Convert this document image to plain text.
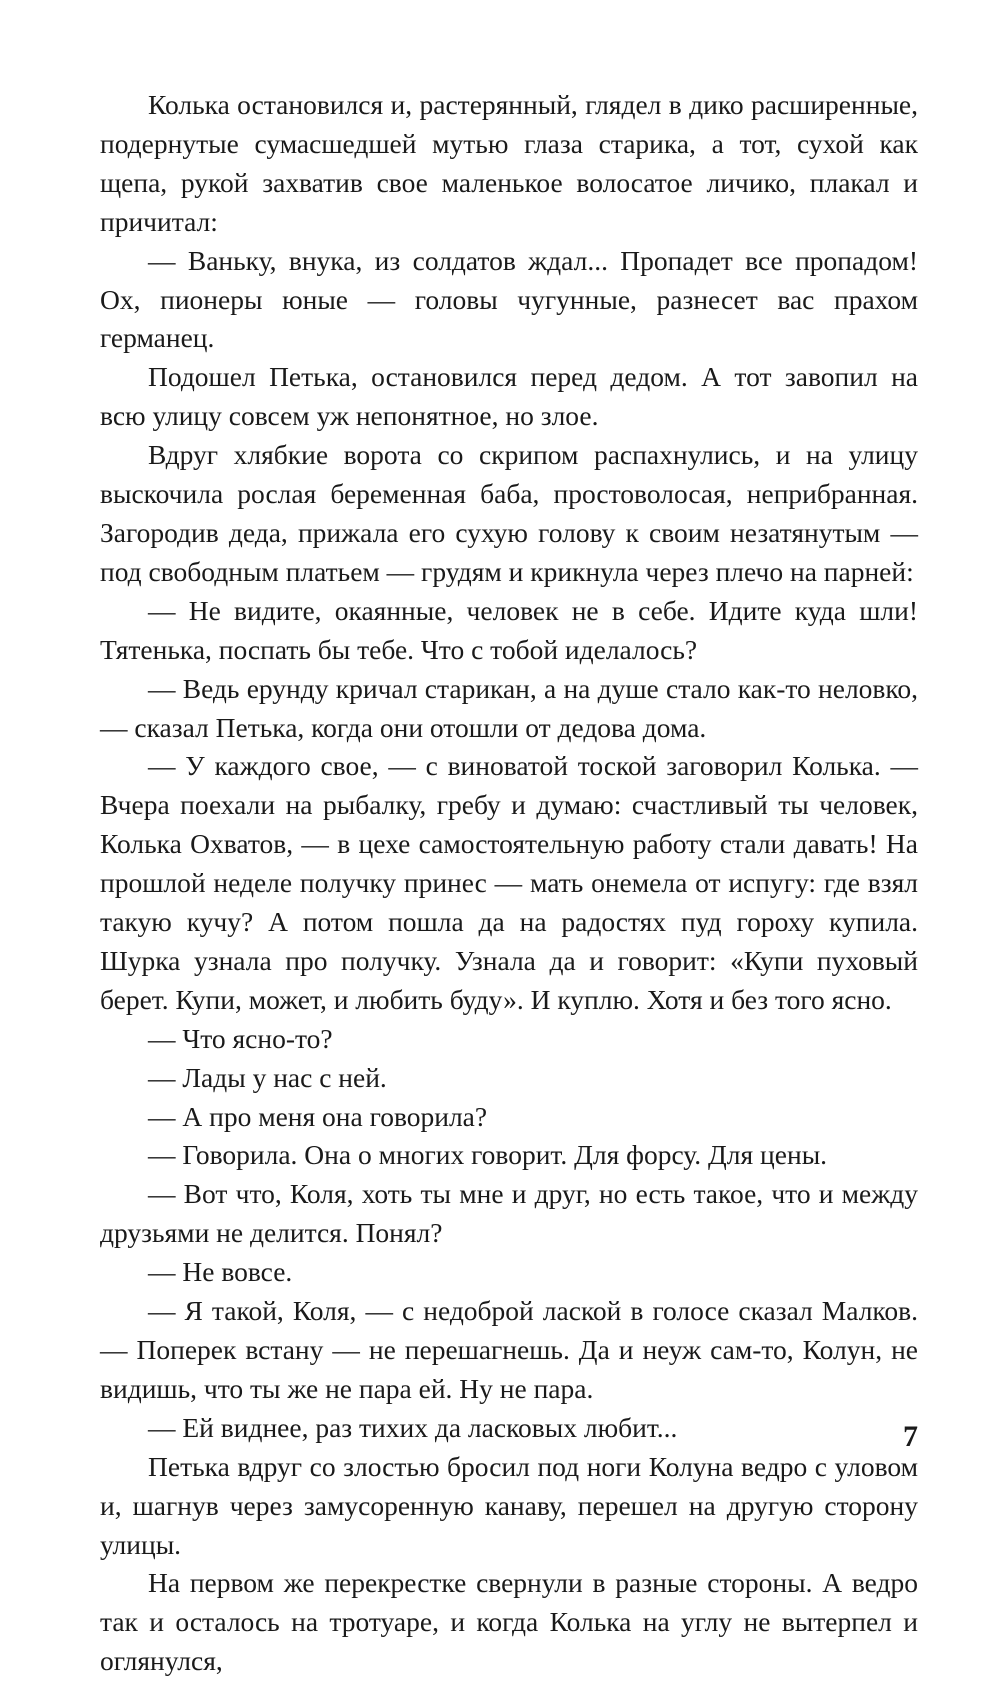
Колька остановился и, растерянный, глядел в дико расширенные, подернутые сумасшедшей мутью глаза старика, а тот, сухой как щепа, рукой захватив свое маленькое волосатое личико, плакал и причитал:

— Ваньку, внука, из солдатов ждал... Пропадет все пропадом! Ох, пионеры юные — головы чугунные, разнесет вас прахом германец.

Подошел Петька, остановился перед дедом. А тот завопил на всю улицу совсем уж непонятное, но злое.

Вдруг хлябкие ворота со скрипом распахнулись, и на улицу выскочила рослая беременная баба, простоволосая, неприбранная. Загородив деда, прижала его сухую голову к своим незатянутым — под свободным платьем — грудям и крикнула через плечо на парней:

— Не видите, окаянные, человек не в себе. Идите куда шли! Тятенька, поспать бы тебе. Что с тобой иделалось?

— Ведь ерунду кричал старикан, а на душе стало как-то неловко, — сказал Петька, когда они отошли от дедова дома.

— У каждого свое, — с виноватой тоской заговорил Колька. — Вчера поехали на рыбалку, гребу и думаю: счастливый ты человек, Колька Охватов, — в цехе самостоятельную работу стали давать! На прошлой неделе получку принес — мать онемела от испугу: где взял такую кучу? А потом пошла да на радостях пуд гороху купила. Шурка узнала про получку. Узнала да и говорит: «Купи пуховый берет. Купи, может, и любить буду». И куплю. Хотя и без того ясно.

— Что ясно-то?

— Лады у нас с ней.

— А про меня она говорила?

— Говорила. Она о многих говорит. Для форсу. Для цены.

— Вот что, Коля, хоть ты мне и друг, но есть такое, что и между друзьями не делится. Понял?

— Не вовсе.

— Я такой, Коля, — с недоброй лаской в голосе сказал Малков. — Поперек встану — не перешагнешь. Да и неуж сам-то, Колун, не видишь, что ты же не пара ей. Ну не пара.

— Ей виднее, раз тихих да ласковых любит...

Петька вдруг со злостью бросил под ноги Колуна ведро с уловом и, шагнув через замусоренную канаву, перешел на другую сторону улицы.

На первом же перекрестке свернули в разные стороны. А ведро так и осталось на тротуаре, и когда Колька на углу не вытерпел и оглянулся,

7
